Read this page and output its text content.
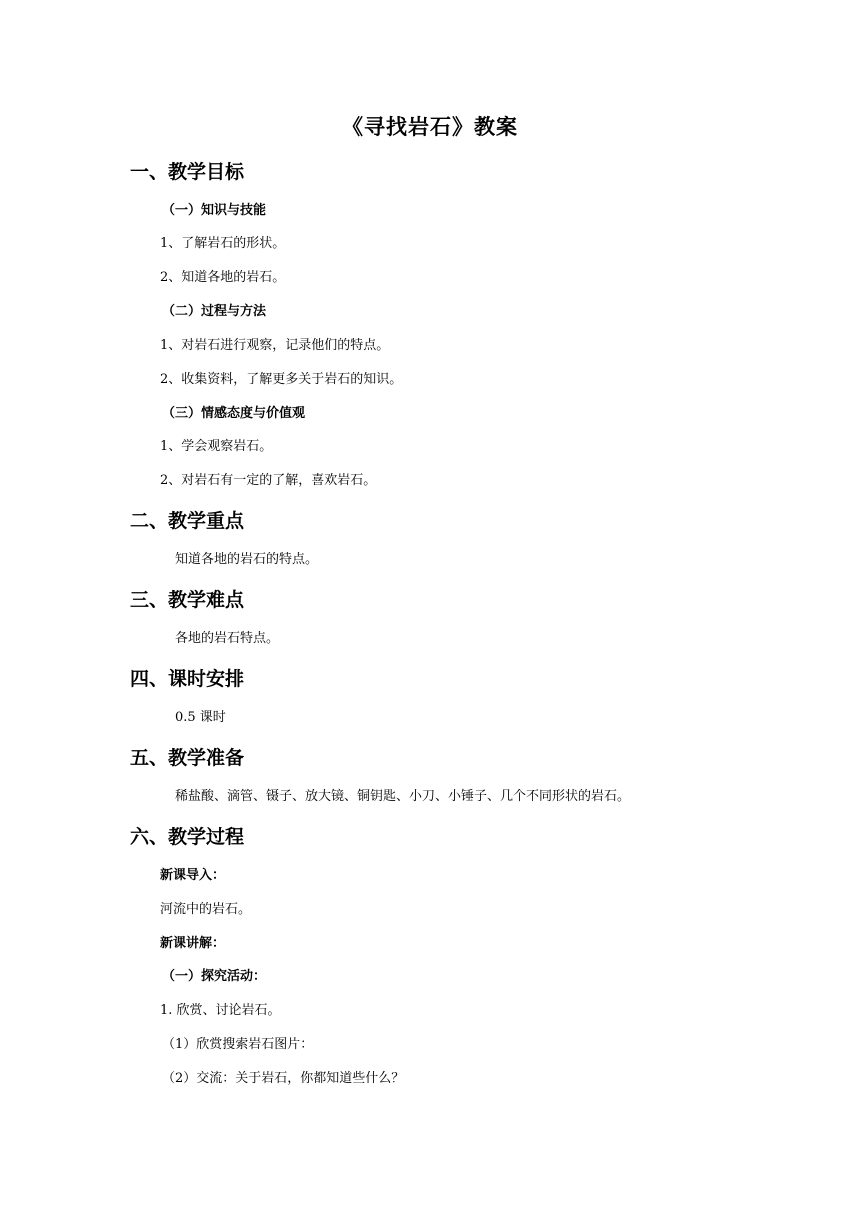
《寻找岩石》教案
一、教学目标
（一）知识与技能
1、了解岩石的形状。
2、知道各地的岩石。
（二）过程与方法
1、对岩石进行观察，记录他们的特点。
2、收集资料，了解更多关于岩石的知识。
（三）情感态度与价值观
1、学会观察岩石。
2、对岩石有一定的了解，喜欢岩石。
二、教学重点
知道各地的岩石的特点。
三、教学难点
各地的岩石特点。
四、课时安排
0.5 课时
五、教学准备
稀盐酸、滴管、镊子、放大镜、铜钥匙、小刀、小锤子、几个不同形状的岩石。
六、教学过程
新课导入：
河流中的岩石。
新课讲解：
（一）探究活动：
1. 欣赏、讨论岩石。
（1）欣赏搜索岩石图片：
（2）交流：关于岩石，你都知道些什么？
